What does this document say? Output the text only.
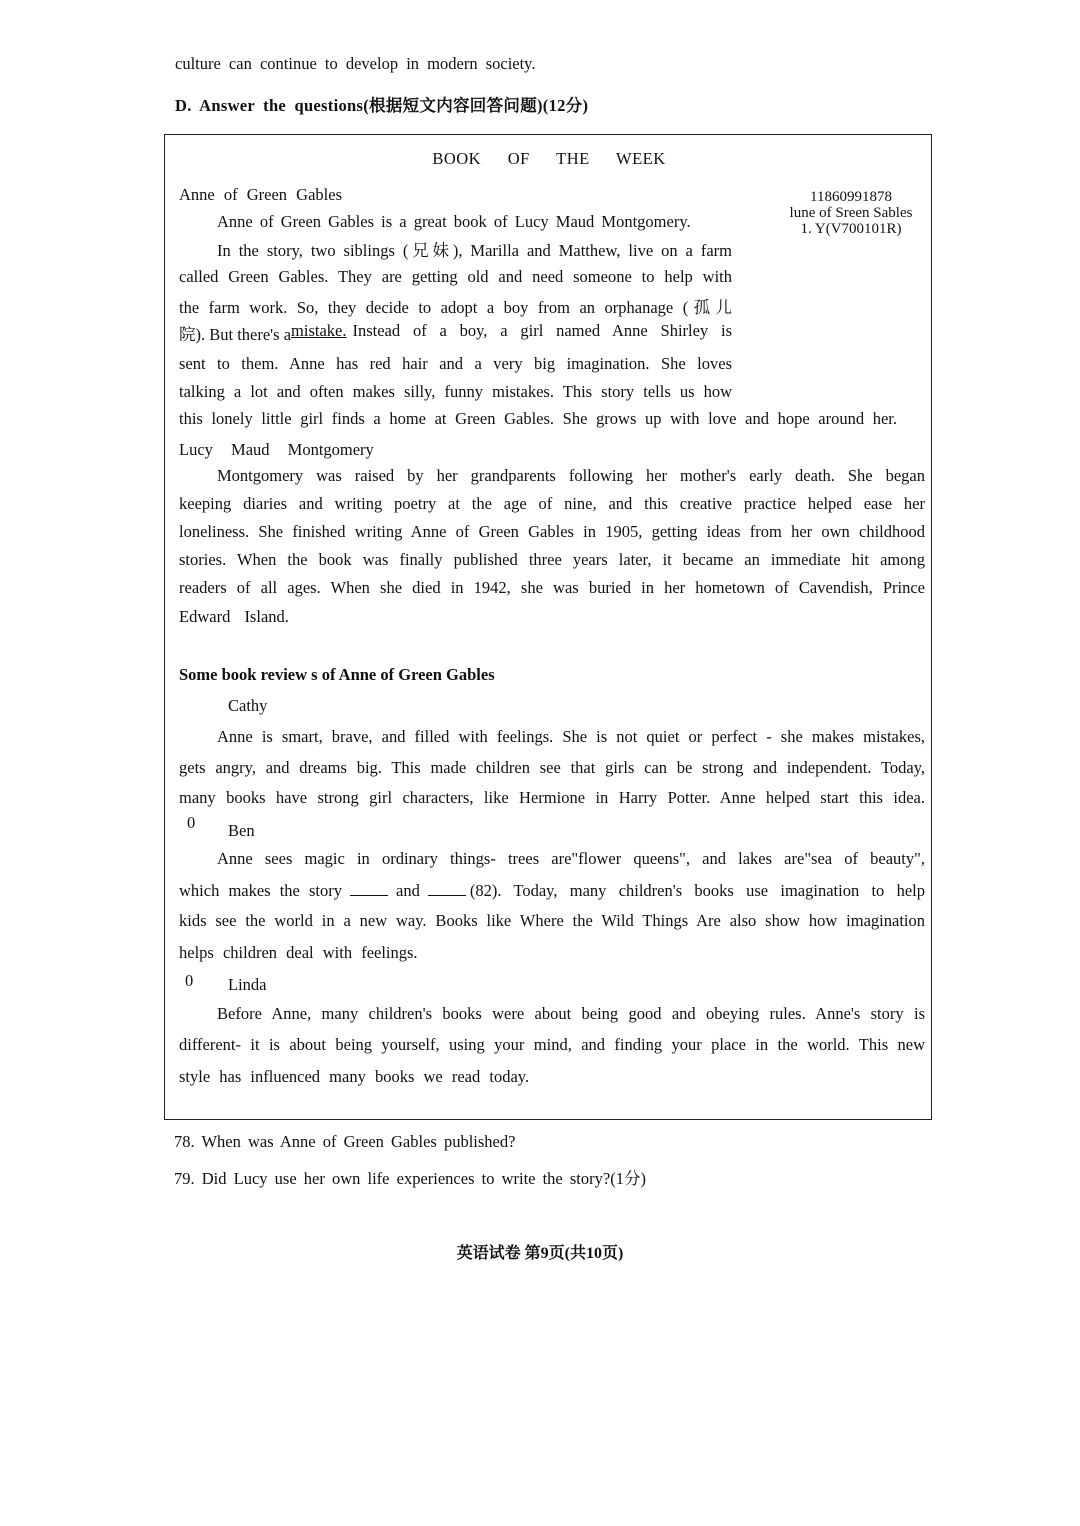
culture can continue to develop in modern society.
D. Answer the questions(根据短文内容回答问题)(12分)
BOOK OF THE WEEK
11860991878
lune of Sreen Sables
1. Y(V700101R)
Anne of Green Gables
Anne of Green Gables is a great book of Lucy Maud Montgomery.
In the story, two siblings (兄妹), Marilla and Matthew, live on a farm
called Green Gables. They are getting old and need someone to help with
the farm work. So, they decide to adopt a boy from an orphanage (孤儿
院). But there's a mistake. Instead of a boy, a girl named Anne Shirley is
sent to them. Anne has red hair and a very big imagination. She loves
talking a lot and often makes silly, funny mistakes. This story tells us how
this lonely little girl finds a home at Green Gables. She grows up with love and hope around her.
Lucy Maud Montgomery
Montgomery was raised by her grandparents following her mother's early death. She began
keeping diaries and writing poetry at the age of nine, and this creative practice helped ease her
loneliness. She finished writing Anne of Green Gables in 1905, getting ideas from her own childhood
stories. When the book was finally published three years later, it became an immediate hit among
readers of all ages. When she died in 1942, she was buried in her hometown of Cavendish, Prince
Edward Island.
Some book review s of Anne of Green Gables
Cathy
Anne is smart, brave, and filled with feelings. She is not quiet or perfect - she makes mistakes,
gets angry, and dreams big. This made children see that girls can be strong and independent. Today,
many books have strong girl characters, like Hermione in Harry Potter. Anne helped start this idea.
0 Ben
Anne sees magic in ordinary things- trees are"flower queens", and lakes are"sea of beauty",
which makes the story	and	(82). Today, many children's books use imagination to help
kids see the world in a new way. Books like Where the Wild Things Are also show how imagination
helps children deal with feelings.
0 Linda
Before Anne, many children's books were about being good and obeying rules. Anne's story is
different- it is about being yourself, using your mind, and finding your place in the world. This new
style has influenced many books we read today.
78. When was Anne of Green Gables published?
79. Did Lucy use her own life experiences to write the story?(1分)
英语试卷 第9页(共10页)
